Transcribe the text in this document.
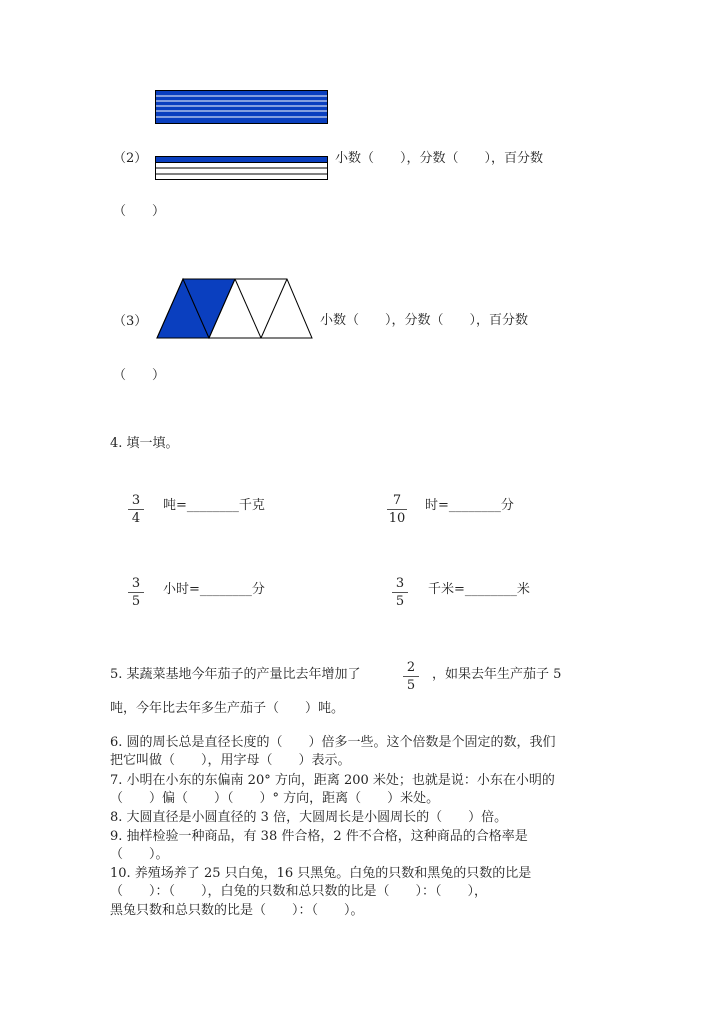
（2）	小数（　　），分数（　　），百分数
（　　）
（3）	小数（　　），分数（　　），百分数
（　　）
4. 填一填。
3
4
吨=________千克	7
10
时=________分
3
5
小时=________分	3
5
千米=________米
5. 某蔬菜基地今年茄子的产量比去年增加了	2
5
，如果去年生产茄子 5
吨，今年比去年多生产茄子（　　）吨。
6. 圆的周长总是直径长度的（　　）倍多一些。这个倍数是个固定的数，我们
把它叫做（　　），用字母（　　）表示。
7. 小明在小东的东偏南 20° 方向，距离 200 米处；也就是说：小东在小明的
（　　）偏（　　）（　　）° 方向，距离（　　）米处。
8. 大圆直径是小圆直径的 3 倍，大圆周长是小圆周长的（　　）倍。
9. 抽样检验一种商品，有 38 件合格，2 件不合格，这种商品的合格率是
（　　）。
10. 养殖场养了 25 只白兔，16 只黑兔。白兔的只数和黑兔的只数的比是
（　　）：（　　），白兔的只数和总只数的比是（　　）：（　　），
黑兔只数和总只数的比是（　　）：（　　）。
